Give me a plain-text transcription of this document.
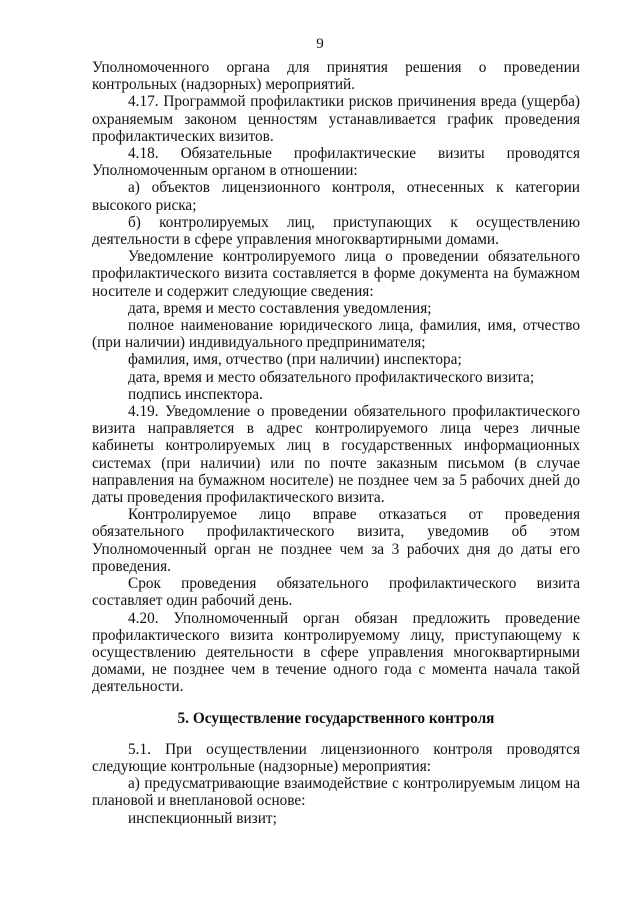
9

Уполномоченного органа для принятия решения о проведении контрольных (надзорных) мероприятий.

4.17. Программой профилактики рисков причинения вреда (ущерба) охраняемым законом ценностям устанавливается график проведения профилактических визитов.

4.18. Обязательные профилактические визиты проводятся Уполномоченным органом в отношении:

а) объектов лицензионного контроля, отнесенных к категории высокого риска;

б) контролируемых лиц, приступающих к осуществлению деятельности в сфере управления многоквартирными домами.

Уведомление контролируемого лица о проведении обязательного профилактического визита составляется в форме документа на бумажном носителе и содержит следующие сведения:

дата, время и место составления уведомления;

полное наименование юридического лица, фамилия, имя, отчество (при наличии) индивидуального предпринимателя;

фамилия, имя, отчество (при наличии) инспектора;

дата, время и место обязательного профилактического визита;

подпись инспектора.

4.19. Уведомление о проведении обязательного профилактического визита направляется в адрес контролируемого лица через личные кабинеты контролируемых лиц в государственных информационных системах (при наличии) или по почте заказным письмом (в случае направления на бумажном носителе) не позднее чем за 5 рабочих дней до даты проведения профилактического визита.

Контролируемое лицо вправе отказаться от проведения обязательного профилактического визита, уведомив об этом Уполномоченный орган не позднее чем за 3 рабочих дня до даты его проведения.

Срок проведения обязательного профилактического визита составляет один рабочий день.

4.20. Уполномоченный орган обязан предложить проведение профилактического визита контролируемому лицу, приступающему к осуществлению деятельности в сфере управления многоквартирными домами, не позднее чем в течение одного года с момента начала такой деятельности.

5. Осуществление государственного контроля

5.1. При осуществлении лицензионного контроля проводятся следующие контрольные (надзорные) мероприятия:

а) предусматривающие взаимодействие с контролируемым лицом на плановой и внеплановой основе:

инспекционный визит;
